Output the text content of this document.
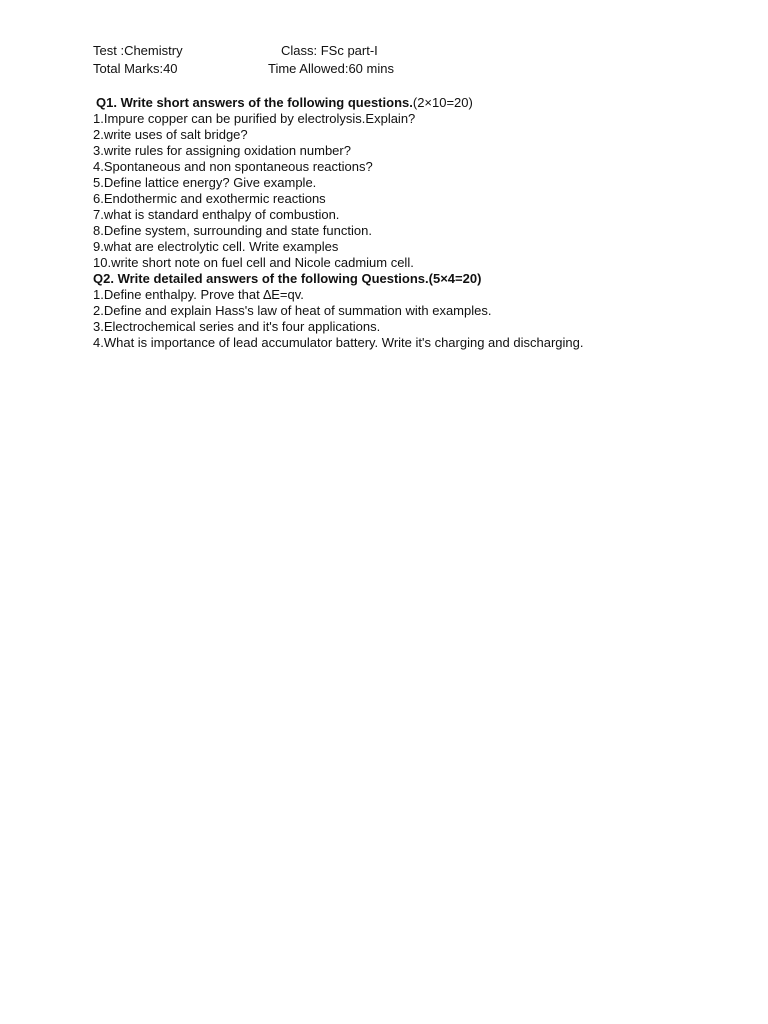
Test :Chemistry	Class: FSc part-I
Total Marks:40	Time Allowed:60 mins
Q1. Write short answers of the following questions.(2×10=20)
1.Impure copper can be purified by electrolysis.Explain?
2.write uses of salt bridge?
3.write rules for assigning oxidation number?
4.Spontaneous and non spontaneous reactions?
5.Define lattice energy? Give example.
6.Endothermic and exothermic reactions
7.what is standard enthalpy of combustion.
8.Define system, surrounding and state function.
9.what are electrolytic cell. Write examples
10.write short note on fuel cell and Nicole cadmium cell.
Q2. Write detailed answers of the following Questions.(5×4=20)
1.Define enthalpy. Prove that ∆E=qv.
2.Define and explain Hass's law of heat of summation with examples.
3.Electrochemical series and it's four applications.
4.What is importance of lead accumulator battery. Write it's charging and discharging.
